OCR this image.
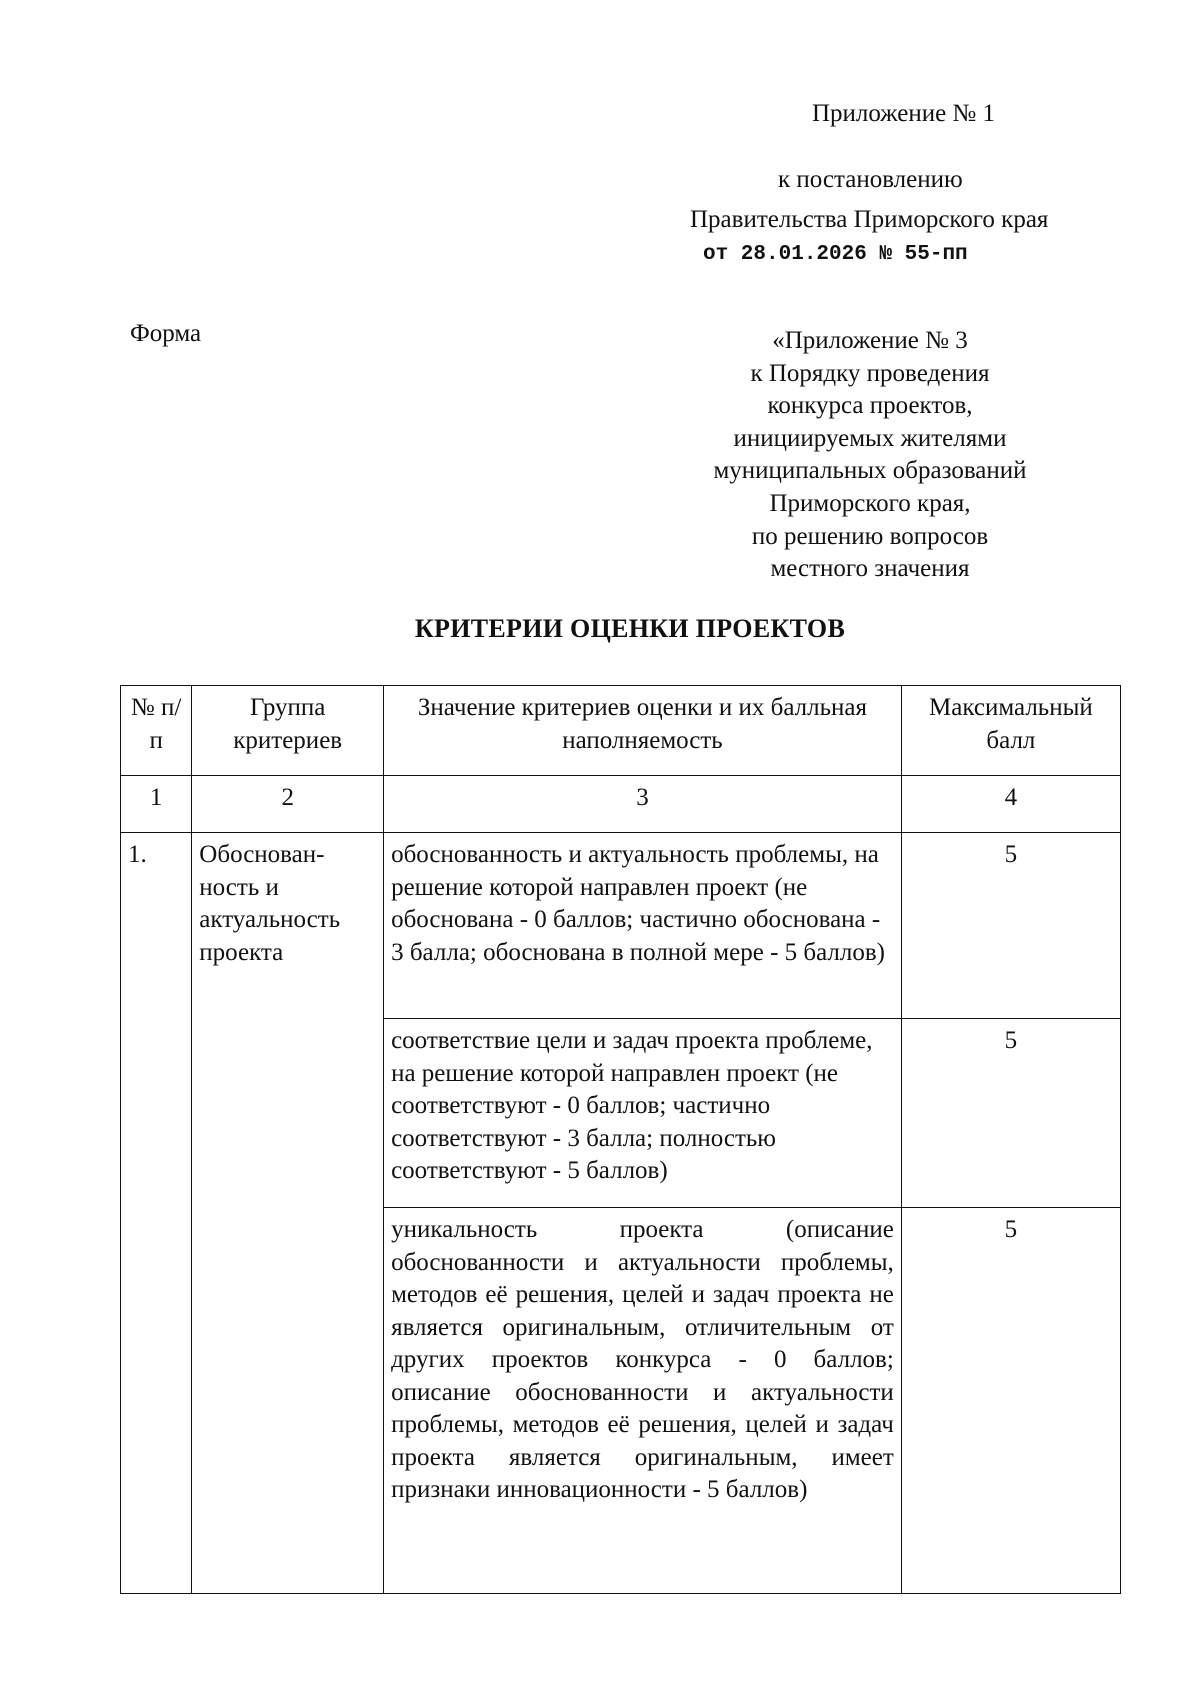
Приложение № 1
к постановлению
Правительства Приморского края
от 28.01.2026 № 55-пп
Форма	«Приложение № 3
к Порядку проведения
конкурса проектов,
инициируемых жителями
муниципальных образований
Приморского края,
по решению вопросов
местного значения
КРИТЕРИИ ОЦЕНКИ ПРОЕКТОВ
№ п/п	Группа критериев	Значение критериев оценки и их балльная наполняемость	Максимальный балл
1	2	3	4
1.	Обоснован-ность и актуальность проекта	обоснованность и актуальность проблемы, на решение которой направлен проект (не обоснована - 0 баллов; частично обоснована - 3 балла; обоснована в полной мере - 5 баллов)	5
		соответствие цели и задач проекта проблеме, на решение которой направлен проект (не соответствуют - 0 баллов; частично соответствуют - 3 балла; полностью соответствуют - 5 баллов)	5
		уникальность проекта (описание обоснованности и актуальности проблемы, методов её решения, целей и задач проекта не является оригинальным, отличительным от других проектов конкурса - 0 баллов; описание обоснованности и актуальности проблемы, методов её решения, целей и задач проекта является оригинальным, имеет признаки инновационности - 5 баллов)	5
